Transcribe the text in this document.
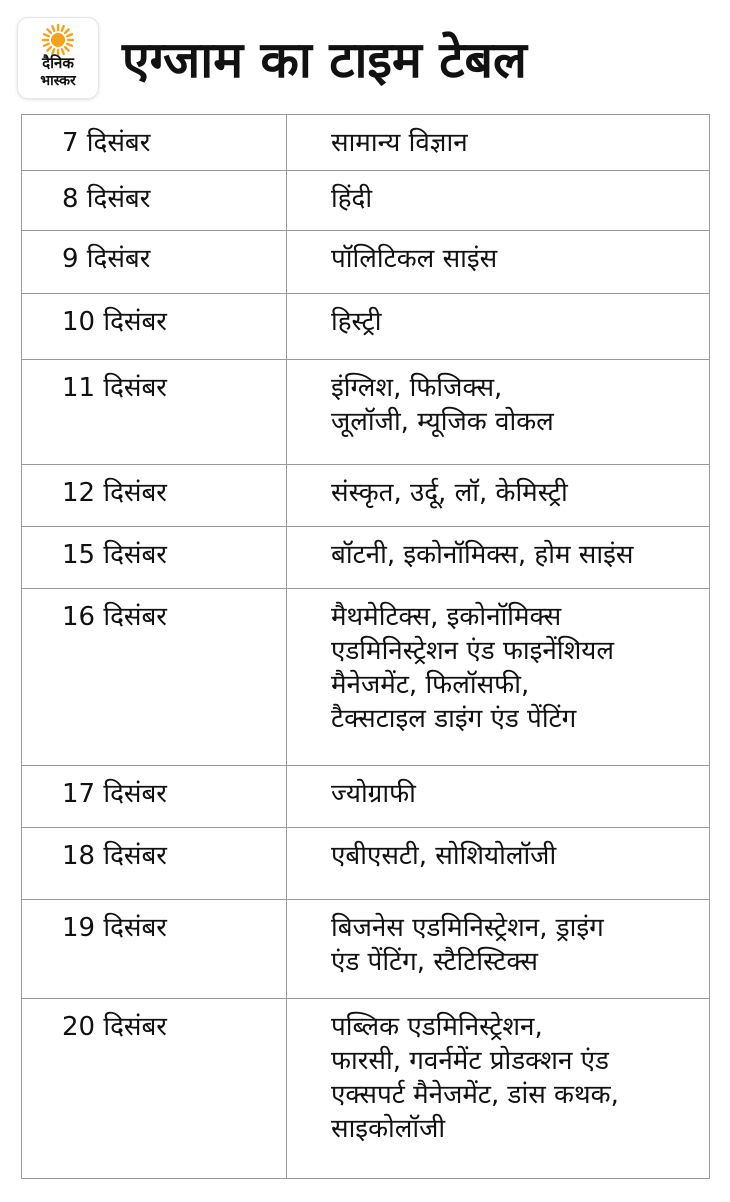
दैनिक
भास्कर एग्जाम का टाइम टेबल
7 दिसंबर	सामान्य विज्ञान

8 दिसंबर	हिंदी

9 दिसंबर	पॉलिटिकल साइंस

10 दिसंबर	हिस्ट्री

11 दिसंबर	इंग्लिश, फिजिक्स,
जूलॉजी, म्यूजिक वोकल

12 दिसंबर	संस्कृत, उर्दू, लॉ, केमिस्ट्री

15 दिसंबर	बॉटनी, इकोनॉमिक्स, होम साइंस

16 दिसंबर	मैथमेटिक्स, इकोनॉमिक्स
एडमिनिस्ट्रेशन एंड फाइनेंशियल
मैनेजमेंट, फिलॉसफी,
टैक्सटाइल डाइंग एंड पेंटिंग

17 दिसंबर	ज्योग्राफी

18 दिसंबर	एबीएसटी, सोशियोलॉजी

19 दिसंबर	बिजनेस एडमिनिस्ट्रेशन, ड्राइंग
एंड पेंटिंग, स्टैटिस्टिक्स

20 दिसंबर	पब्लिक एडमिनिस्ट्रेशन,
फारसी, गवर्नमेंट प्रोडक्शन एंड
एक्सपर्ट मैनेजमेंट, डांस कथक,
साइकोलॉजी
